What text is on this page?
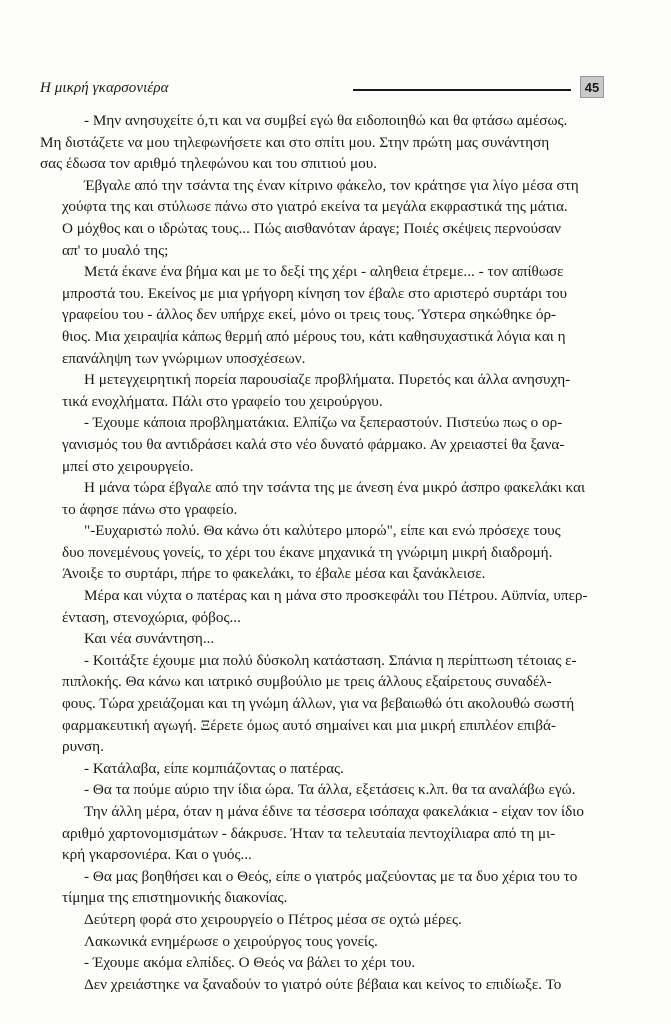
Η μικρή γκαρσονιέρα	45

- Μην ανησυχείτε ό,τι και να συμβεί εγώ θα ειδοποιηθώ και θα φτάσω αμέσως.

Μη διστάζετε να μου τηλεφωνήσετε και στο σπίτι μου. Στην πρώτη μας συνάντηση
σας έδωσα τον αριθμό τηλεφώνου και του σπιτιού μου.

Έβγαλε από την τσάντα της έναν κίτρινο φάκελο, τον κράτησε για λίγο μέσα στη
χούφτα της και στύλωσε πάνω στο γιατρό εκείνα τα μεγάλα εκφραστικά της μάτια.
Ο μόχθος και ο ιδρώτας τους... Πώς αισθανόταν άραγε; Ποιές σκέψεις περνούσαν
απ' το μυαλό της;

Μετά έκανε ένα βήμα και με το δεξί της χέρι - αληθεια έτρεμε... - τον απίθωσε
μπροστά του. Εκείνος με μια γρήγορη κίνηση τον έβαλε στο αριστερό συρτάρι του
γραφείου του - άλλος δεν υπήρχε εκεί, μόνο οι τρεις τους. Ύστερα σηκώθηκε όρ-
θιος. Μια χειραψία κάπως θερμή από μέρους του, κάτι καθησυχαστικά λόγια και η
επανάληψη των γνώριμων υποσχέσεων.

Η μετεγχειρητική πορεία παρουσίαζε προβλήματα. Πυρετός και άλλα ανησυχη-
τικά ενοχλήματα. Πάλι στο γραφείο του χειρούργου.

- Έχουμε κάποια προβληματάκια. Ελπίζω να ξεπεραστούν. Πιστεύω πως ο ορ-
γανισμός του θα αντιδράσει καλά στο νέο δυνατό φάρμακο. Αν χρειαστεί θα ξανα-
μπεί στο χειρουργείο.

Η μάνα τώρα έβγαλε από την τσάντα της με άνεση ένα μικρό άσπρο φακελάκι και
το άφησε πάνω στο γραφείο.

"-Ευχαριστώ πολύ. Θα κάνω ότι καλύτερο μπορώ", είπε και ενώ πρόσεχε τους
δυο πονεμένους γονείς, το χέρι του έκανε μηχανικά τη γνώριμη μικρή διαδρομή.
Άνοιξε το συρτάρι, πήρε το φακελάκι, το έβαλε μέσα και ξανάκλεισε.

Μέρα και νύχτα ο πατέρας και η μάνα στο προσκεφάλι του Πέτρου. Αϋπνία, υπερ-
ένταση, στενοχώρια, φόβος...

Και νέα συνάντηση...

- Κοιτάξτε έχουμε μια πολύ δύσκολη κατάσταση. Σπάνια η περίπτωση τέτοιας ε-
πιπλοκής. Θα κάνω και ιατρικό συμβούλιο με τρεις άλλους εξαίρετους συναδέλ-
φους. Τώρα χρειάζομαι και τη γνώμη άλλων, για να βεβαιωθώ ότι ακολουθώ σωστή
φαρμακευτική αγωγή. Ξέρετε όμως αυτό σημαίνει και μια μικρή επιπλέον επιβά-
ρυνση.

- Κατάλαβα, είπε κομπιάζοντας ο πατέρας.

- Θα τα πούμε αύριο την ίδια ώρα. Τα άλλα, εξετάσεις κ.λπ. θα τα αναλάβω εγώ.

Την άλλη μέρα, όταν η μάνα έδινε τα τέσσερα ισόπαχα φακελάκια - είχαν τον ίδιο
αριθμό χαρτονομισμάτων - δάκρυσε. Ήταν τα τελευταία πεντοχίλιαρα από τη μι-
κρή γκαρσονιέρα. Και ο γυός...

- Θα μας βοηθήσει και ο Θεός, είπε ο γιατρός μαζεύοντας με τα δυο χέρια του το
τίμημα της επιστημονικής διακονίας.

Δεύτερη φορά στο χειρουργείο ο Πέτρος μέσα σε οχτώ μέρες.

Λακωνικά ενημέρωσε ο χειρούργος τους γονείς.

- Έχουμε ακόμα ελπίδες. Ο Θεός να βάλει το χέρι του.

Δεν χρειάστηκε να ξαναδούν το γιατρό ούτε βέβαια και κείνος το επιδίωξε. Το
